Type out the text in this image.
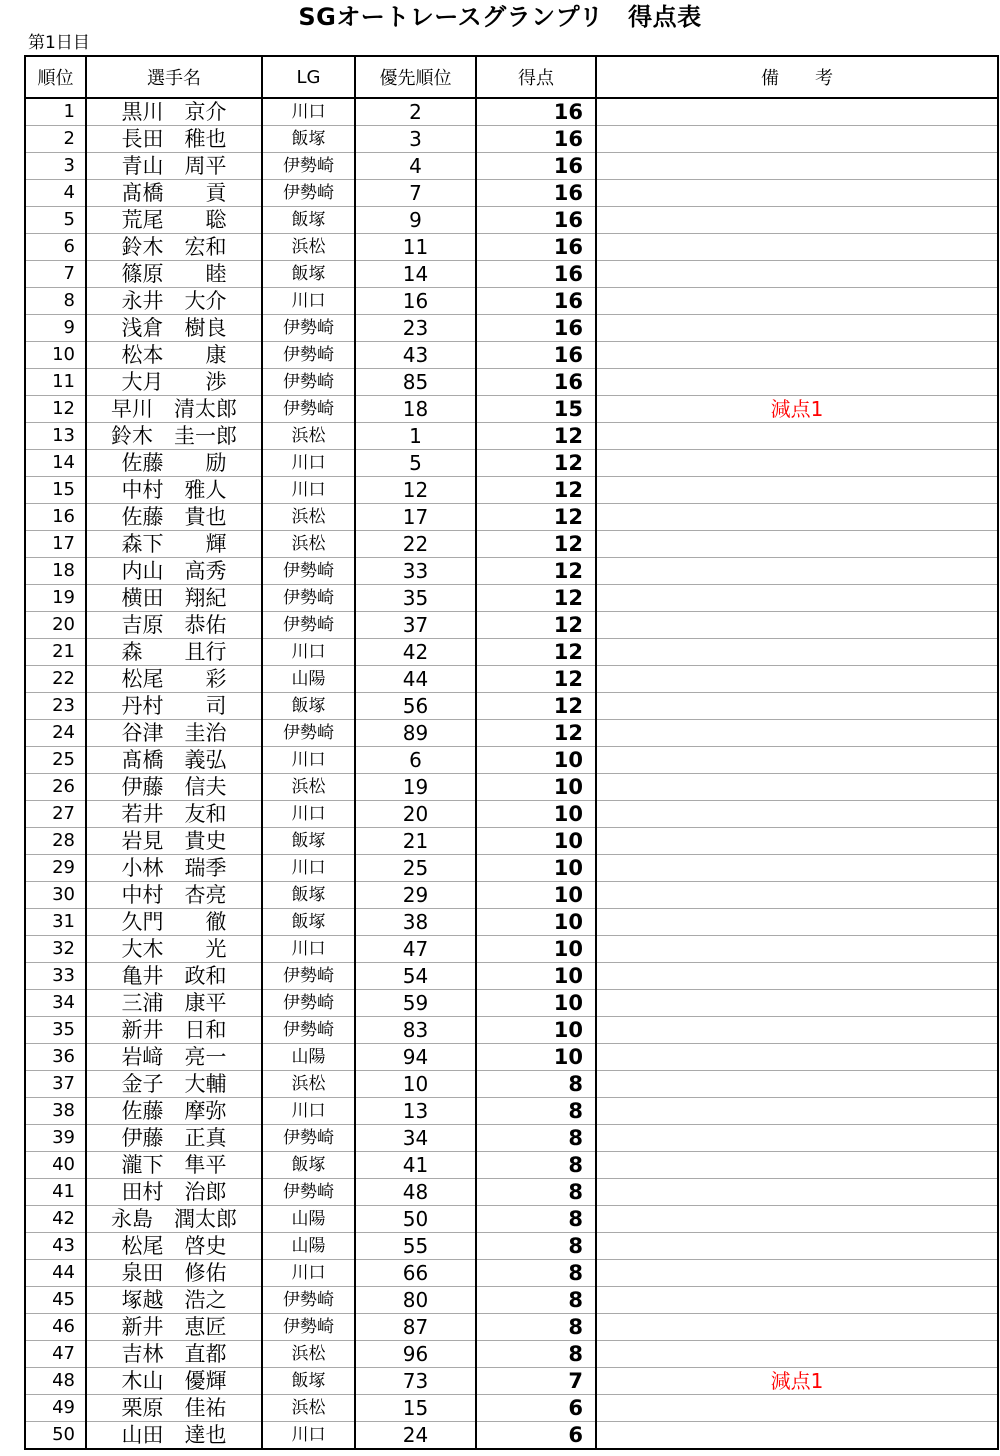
SGオートレースグランプリ　得点表
第1日目
順位	選手名	LG	優先順位	得点	備　　考
1	黒川　京介	川口	2	16	
2	長田　稚也	飯塚	3	16	
3	青山　周平	伊勢崎	4	16	
4	髙橋　　貢	伊勢崎	7	16	
5	荒尾　　聡	飯塚	9	16	
6	鈴木　宏和	浜松	11	16	
7	篠原　　睦	飯塚	14	16	
8	永井　大介	川口	16	16	
9	浅倉　樹良	伊勢崎	23	16	
10	松本　　康	伊勢崎	43	16	
11	大月　　渉	伊勢崎	85	16	
12	早川　清太郎	伊勢崎	18	15	減点1
13	鈴木　圭一郎	浜松	1	12	
14	佐藤　　励	川口	5	12	
15	中村　雅人	川口	12	12	
16	佐藤　貴也	浜松	17	12	
17	森下　　輝	浜松	22	12	
18	内山　高秀	伊勢崎	33	12	
19	横田　翔紀	伊勢崎	35	12	
20	吉原　恭佑	伊勢崎	37	12	
21	森　　且行	川口	42	12	
22	松尾　　彩	山陽	44	12	
23	丹村　　司	飯塚	56	12	
24	谷津　圭治	伊勢崎	89	12	
25	髙橋　義弘	川口	6	10	
26	伊藤　信夫	浜松	19	10	
27	若井　友和	川口	20	10	
28	岩見　貴史	飯塚	21	10	
29	小林　瑞季	川口	25	10	
30	中村　杏亮	飯塚	29	10	
31	久門　　徹	飯塚	38	10	
32	大木　　光	川口	47	10	
33	亀井　政和	伊勢崎	54	10	
34	三浦　康平	伊勢崎	59	10	
35	新井　日和	伊勢崎	83	10	
36	岩﨑　亮一	山陽	94	10	
37	金子　大輔	浜松	10	8	
38	佐藤　摩弥	川口	13	8	
39	伊藤　正真	伊勢崎	34	8	
40	瀧下　隼平	飯塚	41	8	
41	田村　治郎	伊勢崎	48	8	
42	永島　潤太郎	山陽	50	8	
43	松尾　啓史	山陽	55	8	
44	泉田　修佑	川口	66	8	
45	塚越　浩之	伊勢崎	80	8	
46	新井　恵匠	伊勢崎	87	8	
47	吉林　直都	浜松	96	8	
48	木山　優輝	飯塚	73	7	減点1
49	栗原　佳祐	浜松	15	6	
50	山田　達也	川口	24	6	
